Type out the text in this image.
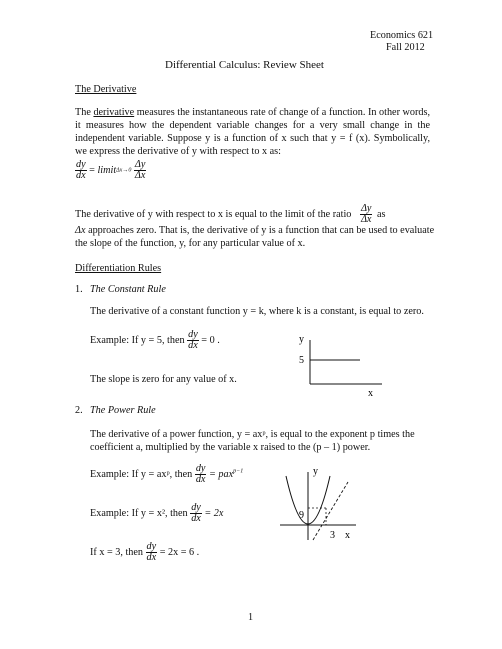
Economics 621
Fall 2012
Differential Calculus: Review Sheet
The Derivative
The derivative measures the instantaneous rate of change of a function. In other words, it measures how the dependent variable changes for a very small change in the independent variable. Suppose y is a function of x such that y = f (x). Symbolically, we express the derivative of y with respect to x as:
$\frac{dy}{dx}$ = limitΔx→0 $\frac{\Delta y}{\Delta x}$
The derivative of y with respect to x is equal to the limit of the ratio $\frac{\Delta y}{\Delta x}$ as
Δx approaches zero. That is, the derivative of y is a function that can be used to evaluate
the slope of the function, y, for any particular value of x.
Differentiation Rules
1. The Constant Rule
The derivative of a constant function y = k, where k is a constant, is equal to zero.
Example: If y = 5, then $\frac{dy}{dx} = 0$ .
The slope is zero for any value of x.
y
5
x
2. The Power Rule
The derivative of a power function, y = axᵖ, is equal to the exponent p times the
coefficient a, multiplied by the variable x raised to the (p – 1) power.
Example: If y = axᵖ, then $\frac{dy}{dx} = pax^{p-1}$
Example: If y = x², then $\frac{dy}{dx} = 2x$
If x = 3, then $\frac{dy}{dx} = 2x = 6$ .
y
9
3 x
1
